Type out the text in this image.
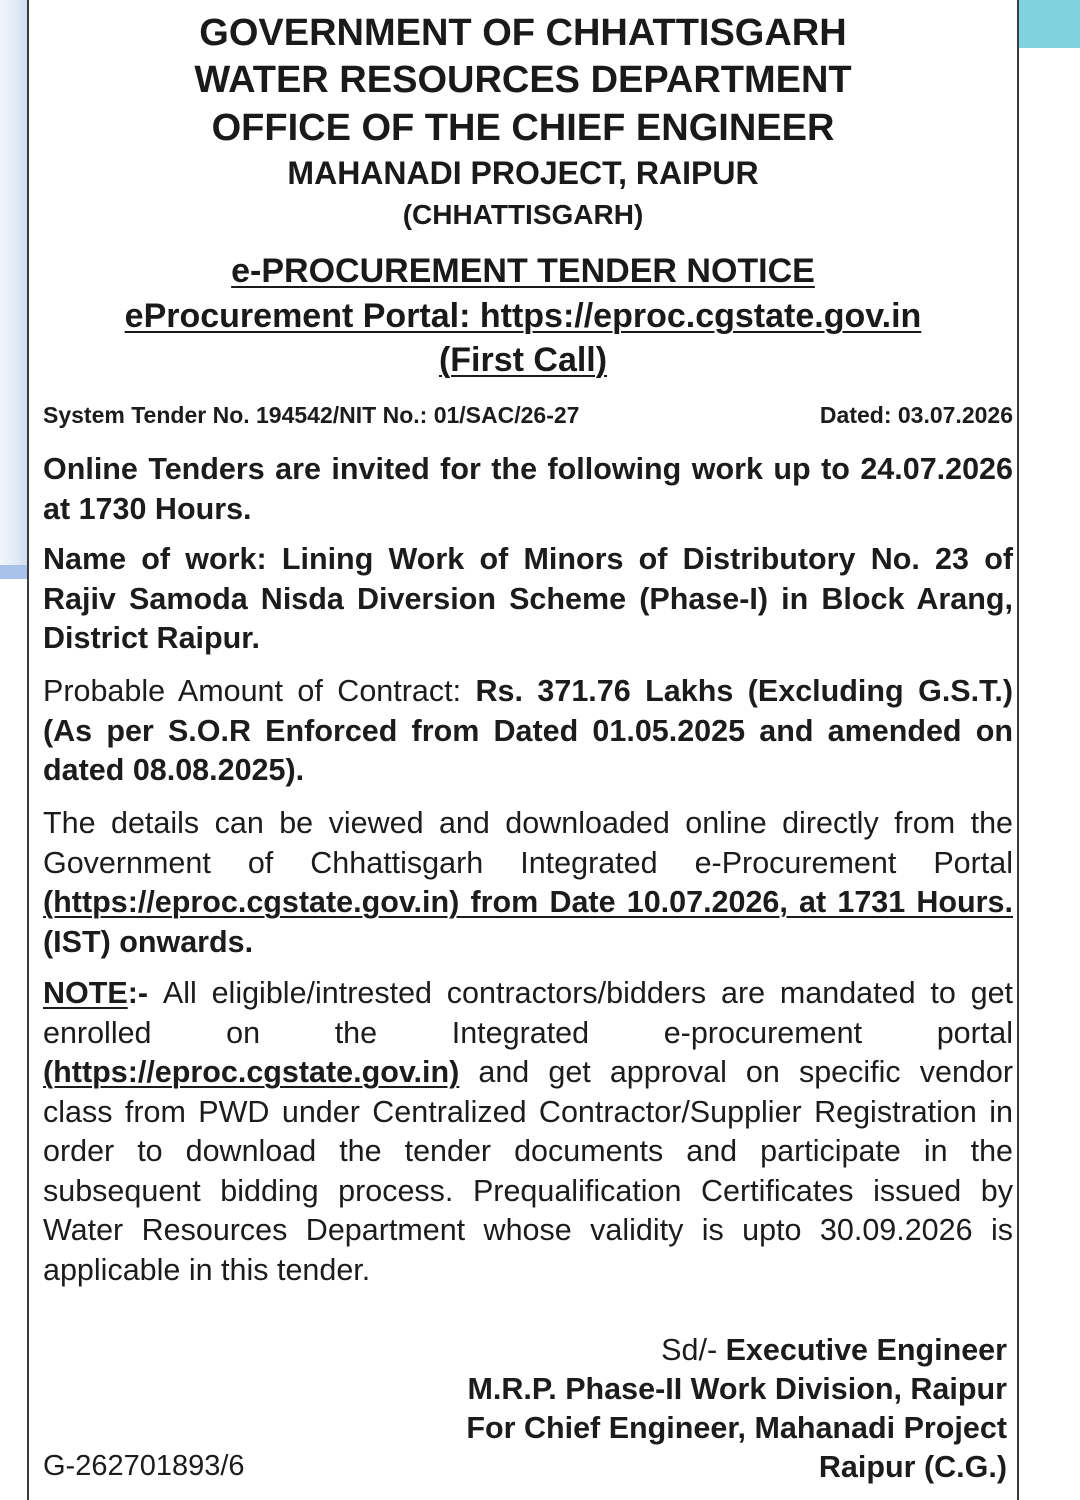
GOVERNMENT OF CHHATTISGARH
WATER RESOURCES DEPARTMENT
OFFICE OF THE CHIEF ENGINEER
MAHANADI PROJECT, RAIPUR
(CHHATTISGARH)
e-PROCUREMENT TENDER NOTICE
eProcurement Portal: https://eproc.cgstate.gov.in
(First Call)
System Tender No. 194542/NIT No.: 01/SAC/26-27	Dated: 03.07.2026
Online Tenders are invited for the following work up to 24.07.2026 at 1730 Hours.
Name of work: Lining Work of Minors of Distributory No. 23 of Rajiv Samoda Nisda Diversion Scheme (Phase-I) in Block Arang, District Raipur.
Probable Amount of Contract: Rs. 371.76 Lakhs (Excluding G.S.T.) (As per S.O.R Enforced from Dated 01.05.2025 and amended on dated 08.08.2025).
The details can be viewed and downloaded online directly from the Government of Chhattisgarh Integrated e-Procurement Portal (https://eproc.cgstate.gov.in) from Date 10.07.2026, at 1731 Hours. (IST) onwards.
NOTE:- All eligible/intrested contractors/bidders are mandated to get enrolled on the Integrated e-procurement portal (https://eproc.cgstate.gov.in) and get approval on specific vendor class from PWD under Centralized Contractor/Supplier Registration in order to download the tender documents and participate in the subsequent bidding process. Prequalification Certificates issued by Water Resources Department whose validity is upto 30.09.2026 is applicable in this tender.
Sd/- Executive Engineer
M.R.P. Phase-II Work Division, Raipur
For Chief Engineer, Mahanadi Project
Raipur (C.G.)
G-262701893/6
